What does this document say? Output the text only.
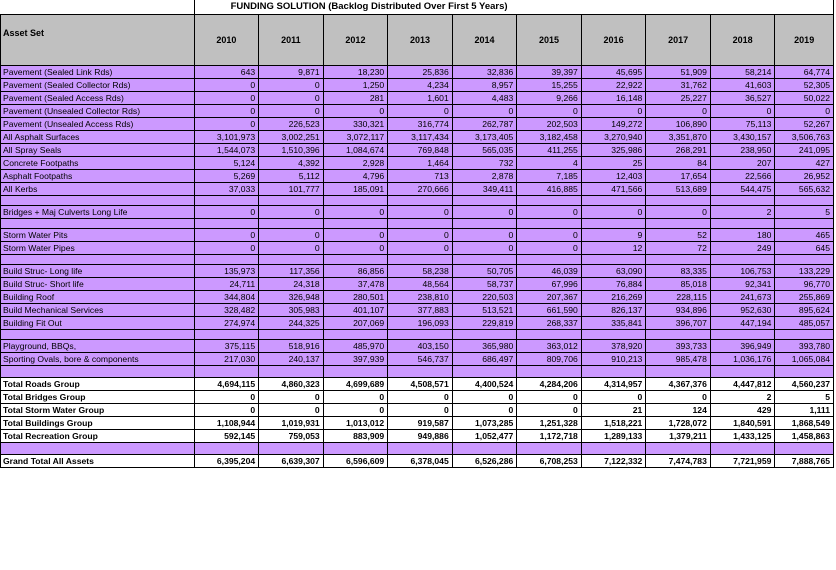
	FUNDING SOLUTION (Backlog Distributed Over First 5 Years)									
Asset Set	2010	2011	2012	2013	2014	2015	2016	2017	2018	2019
Pavement (Sealed Link Rds)	643	9,871	18,230	25,836	32,836	39,397	45,695	51,909	58,214	64,774
Pavement (Sealed Collector Rds)	0	0	1,250	4,234	8,957	15,255	22,922	31,762	41,603	52,305
Pavement (Sealed Access Rds)	0	0	281	1,601	4,483	9,266	16,148	25,227	36,527	50,022
Pavement (Unsealed Collector Rds)	0	0	0	0	0	0	0	0	0	0
Pavement (Unsealed Access Rds)	0	226,523	330,321	316,774	262,787	202,503	149,272	106,890	75,113	52,267
All Asphalt Surfaces	3,101,973	3,002,251	3,072,117	3,117,434	3,173,405	3,182,458	3,270,940	3,351,870	3,430,157	3,506,763
All Spray Seals	1,544,073	1,510,396	1,084,674	769,848	565,035	411,255	325,986	268,291	238,950	241,095
Concrete Footpaths	5,124	4,392	2,928	1,464	732	4	25	84	207	427
Asphalt Footpaths	5,269	5,112	4,796	713	2,878	7,185	12,403	17,654	22,566	26,952
All Kerbs	37,033	101,777	185,091	270,666	349,411	416,885	471,566	513,689	544,475	565,632

Bridges + Maj Culverts Long Life	0	0	0	0	0	0	0	0	2	5

Storm Water Pits	0	0	0	0	0	0	9	52	180	465
Storm Water Pipes	0	0	0	0	0	0	12	72	249	645

Build Struc- Long life	135,973	117,356	86,856	58,238	50,705	46,039	63,090	83,335	106,753	133,229
Build Struc- Short life	24,711	24,318	37,478	48,564	58,737	67,996	76,884	85,018	92,341	96,770
Building Roof	344,804	326,948	280,501	238,810	220,503	207,367	216,269	228,115	241,673	255,869
Build Mechanical Services	328,482	305,983	401,107	377,883	513,521	661,590	826,137	934,896	952,630	895,624
Building Fit Out	274,974	244,325	207,069	196,093	229,819	268,337	335,841	396,707	447,194	485,057

Playground, BBQs,	375,115	518,916	485,970	403,150	365,980	363,012	378,920	393,733	396,949	393,780
Sporting Ovals, bore & components	217,030	240,137	397,939	546,737	686,497	809,706	910,213	985,478	1,036,176	1,065,084

Total Roads Group	4,694,115	4,860,323	4,699,689	4,508,571	4,400,524	4,284,206	4,314,957	4,367,376	4,447,812	4,560,237
Total Bridges Group	0	0	0	0	0	0	0	0	2	5
Total Storm Water Group	0	0	0	0	0	0	21	124	429	1,111
Total Buildings Group	1,108,944	1,019,931	1,013,012	919,587	1,073,285	1,251,328	1,518,221	1,728,072	1,840,591	1,868,549
Total Recreation Group	592,145	759,053	883,909	949,886	1,052,477	1,172,718	1,289,133	1,379,211	1,433,125	1,458,863

Grand Total All Assets	6,395,204	6,639,307	6,596,609	6,378,045	6,526,286	6,708,253	7,122,332	7,474,783	7,721,959	7,888,765
